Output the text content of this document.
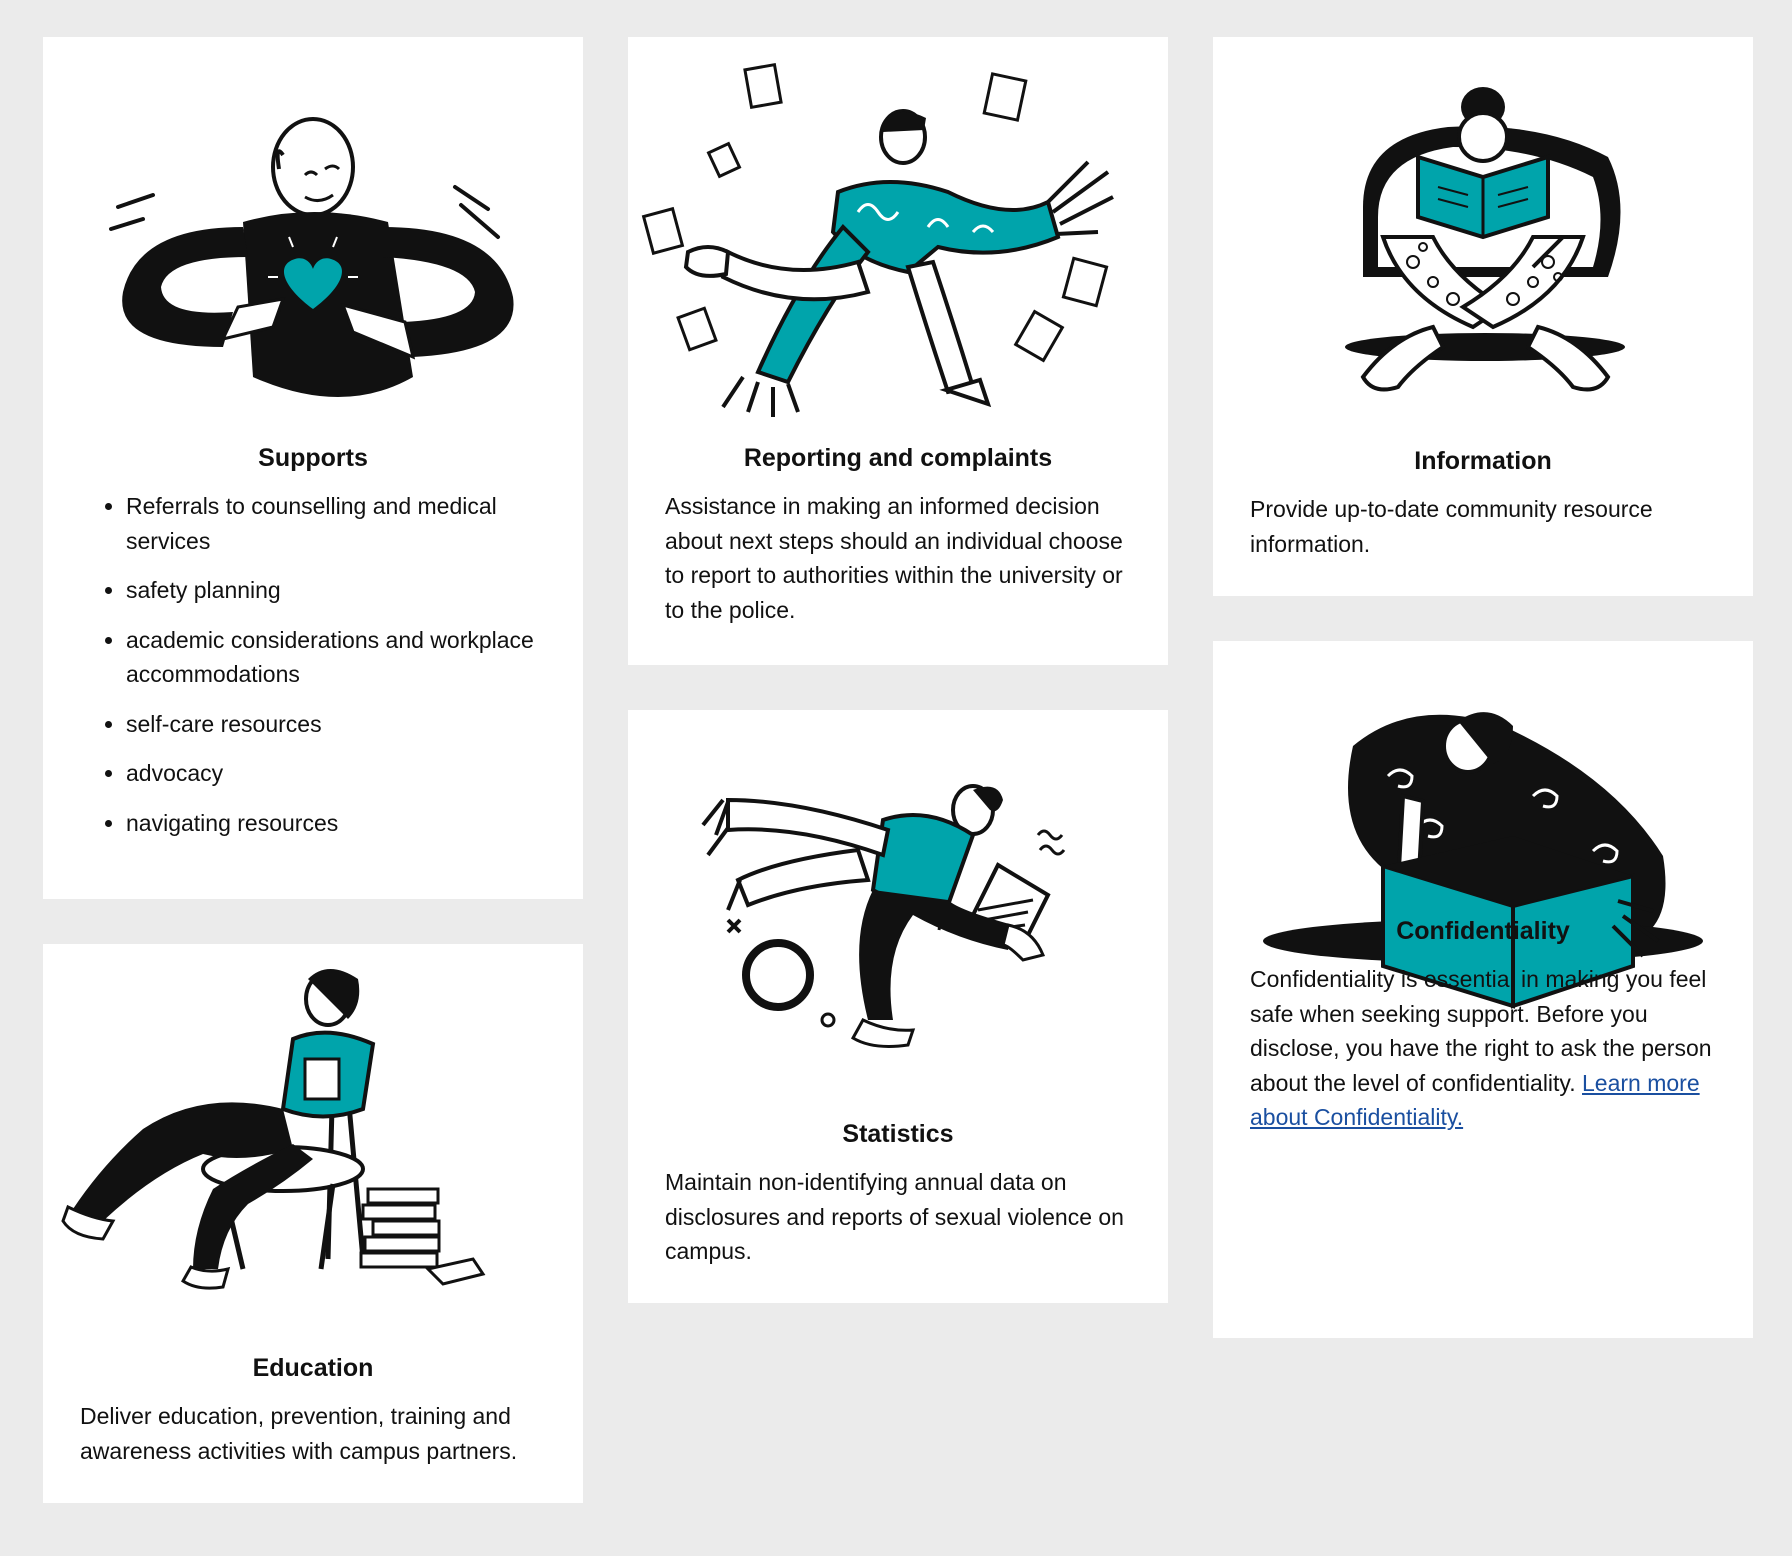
Supports
• Referrals to counselling and medical services
• safety planning
• academic considerations and workplace accommodations
• self-care resources
• advocacy
• navigating resources
Education

Deliver education, prevention, training and awareness activities with campus partners.

Reporting and complaints

Assistance in making an informed decision about next steps should an individual choose to report to authorities within the university or to the police.

Statistics

Maintain non-identifying annual data on disclosures and reports of sexual violence on campus.

Information

Provide up-to-date community resource information.

Confidentiality

Confidentiality is essential in making you feel safe when seeking support. Before you disclose, you have the right to ask the person about the level of confidentiality. Learn more about Confidentiality.
